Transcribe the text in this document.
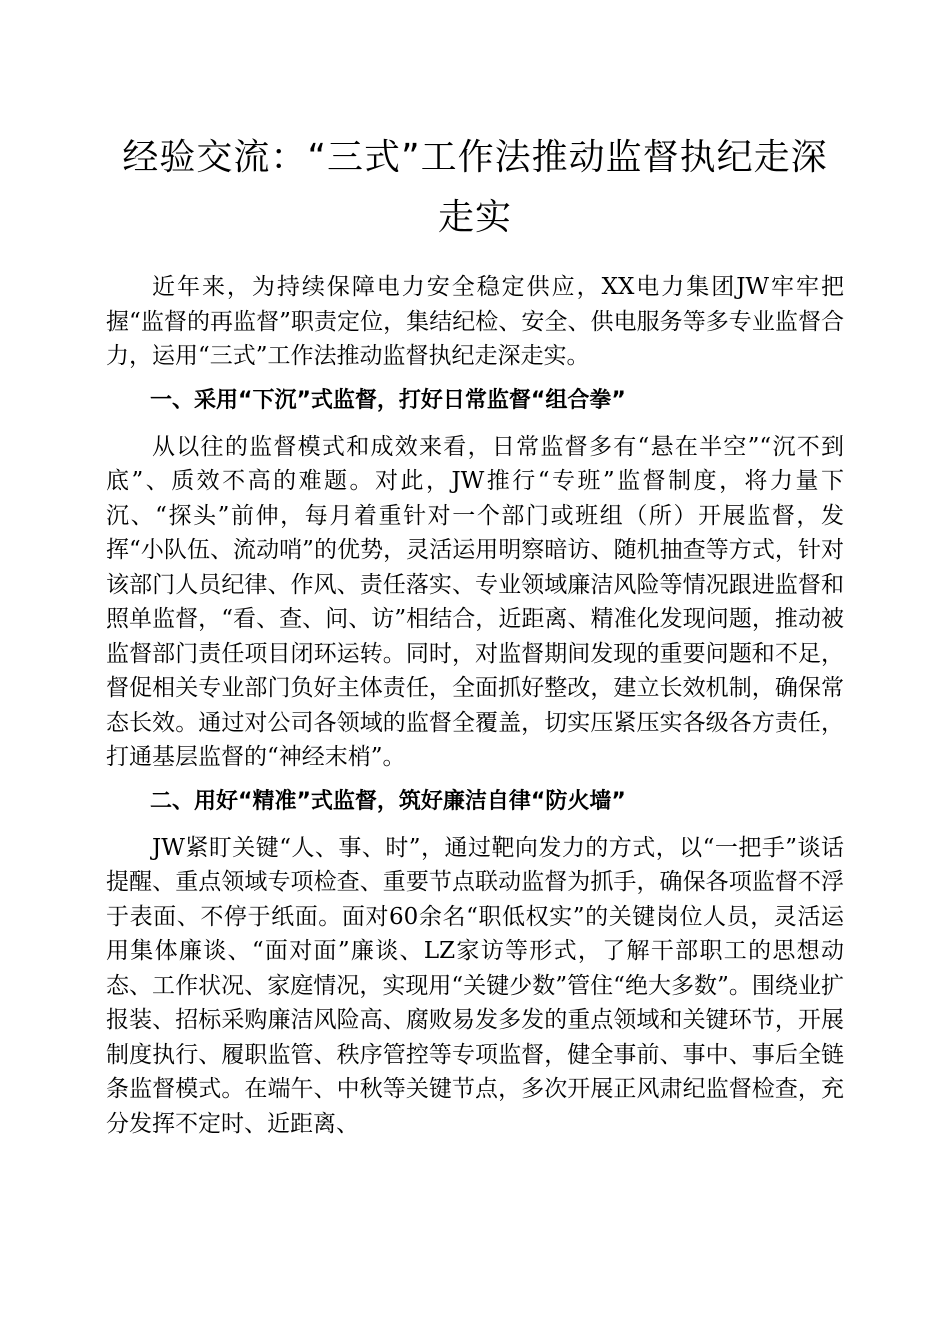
经验交流：“三式”工作法推动监督执纪走深走实

近年来，为持续保障电力安全稳定供应，XX电力集团JW牢牢把握“监督的再监督”职责定位，集结纪检、安全、供电服务等多专业监督合力，运用“三式”工作法推动监督执纪走深走实。

一、采用“下沉”式监督，打好日常监督“组合拳”

从以往的监督模式和成效来看，日常监督多有“悬在半空”“沉不到底”、质效不高的难题。对此，JW推行“专班”监督制度，将力量下沉、“探头”前伸，每月着重针对一个部门或班组（所）开展监督，发挥“小队伍、流动哨”的优势，灵活运用明察暗访、随机抽查等方式，针对该部门人员纪律、作风、责任落实、专业领域廉洁风险等情况跟进监督和照单监督，“看、查、问、访”相结合，近距离、精准化发现问题，推动被监督部门责任项目闭环运转。同时，对监督期间发现的重要问题和不足，督促相关专业部门负好主体责任，全面抓好整改，建立长效机制，确保常态长效。通过对公司各领域的监督全覆盖，切实压紧压实各级各方责任，打通基层监督的“神经末梢”。

二、用好“精准”式监督，筑好廉洁自律“防火墙”

JW紧盯关键“人、事、时”，通过靶向发力的方式，以“一把手”谈话提醒、重点领域专项检查、重要节点联动监督为抓手，确保各项监督不浮于表面、不停于纸面。面对60余名“职低权实”的关键岗位人员，灵活运用集体廉谈、“面对面”廉谈、LZ家访等形式，了解干部职工的思想动态、工作状况、家庭情况，实现用“关键少数”管住“绝大多数”。围绕业扩报装、招标采购廉洁风险高、腐败易发多发的重点领域和关键环节，开展制度执行、履职监管、秩序管控等专项监督，健全事前、事中、事后全链条监督模式。在端午、中秋等关键节点，多次开展正风肃纪监督检查，充分发挥不定时、近距离、
